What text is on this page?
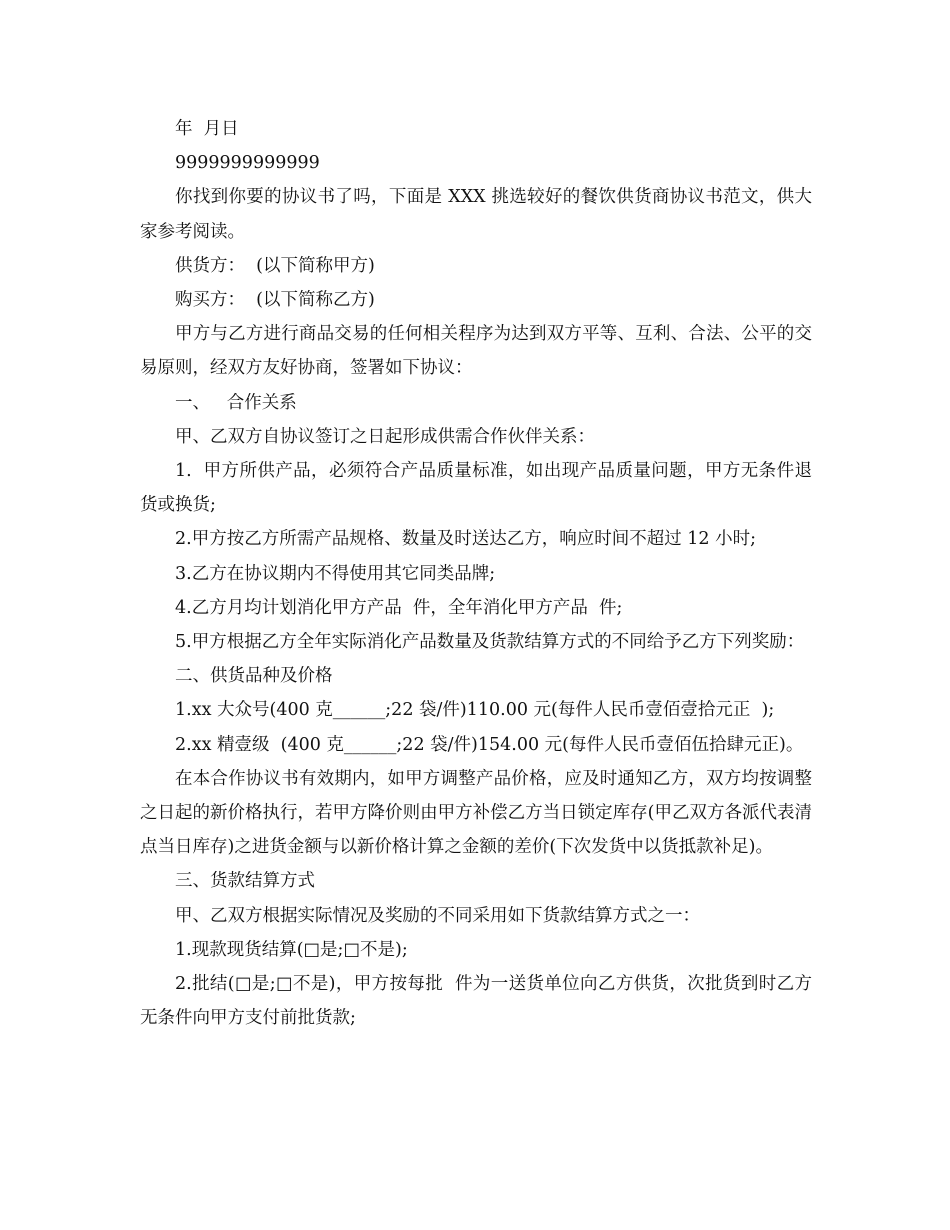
年  月日

9999999999999

你找到你要的协议书了吗，下面是 XXX 挑选较好的餐饮供货商协议书范文，供大家参考阅读。

供货方：  (以下简称甲方)

购买方：  (以下简称乙方)

甲方与乙方进行商品交易的任何相关程序为达到双方平等、互利、合法、公平的交易原则，经双方友好协商，签署如下协议：

一、   合作关系

甲、乙双方自协议签订之日起形成供需合作伙伴关系：

1.  甲方所供产品，必须符合产品质量标准，如出现产品质量问题，甲方无条件退货或换货;

2.甲方按乙方所需产品规格、数量及时送达乙方，响应时间不超过 12 小时;

3.乙方在协议期内不得使用其它同类品牌;

4.乙方月均计划消化甲方产品  件，全年消化甲方产品  件;

5.甲方根据乙方全年实际消化产品数量及货款结算方式的不同给予乙方下列奖励：

二、供货品种及价格

1.xx 大众号(400 克______;22 袋/件)110.00 元(每件人民币壹佰壹拾元正  );

2.xx 精壹级  (400 克______;22 袋/件)154.00 元(每件人民币壹佰伍拾肆元正)。

在本合作协议书有效期内，如甲方调整产品价格，应及时通知乙方，双方均按调整之日起的新价格执行，若甲方降价则由甲方补偿乙方当日锁定库存(甲乙双方各派代表清点当日库存)之进货金额与以新价格计算之金额的差价(下次发货中以货抵款补足)。

三、货款结算方式

甲、乙双方根据实际情况及奖励的不同采用如下货款结算方式之一：

1.现款现货结算(□是;□不是);

2.批结(□是;□不是)，甲方按每批  件为一送货单位向乙方供货，次批货到时乙方无条件向甲方支付前批货款;
